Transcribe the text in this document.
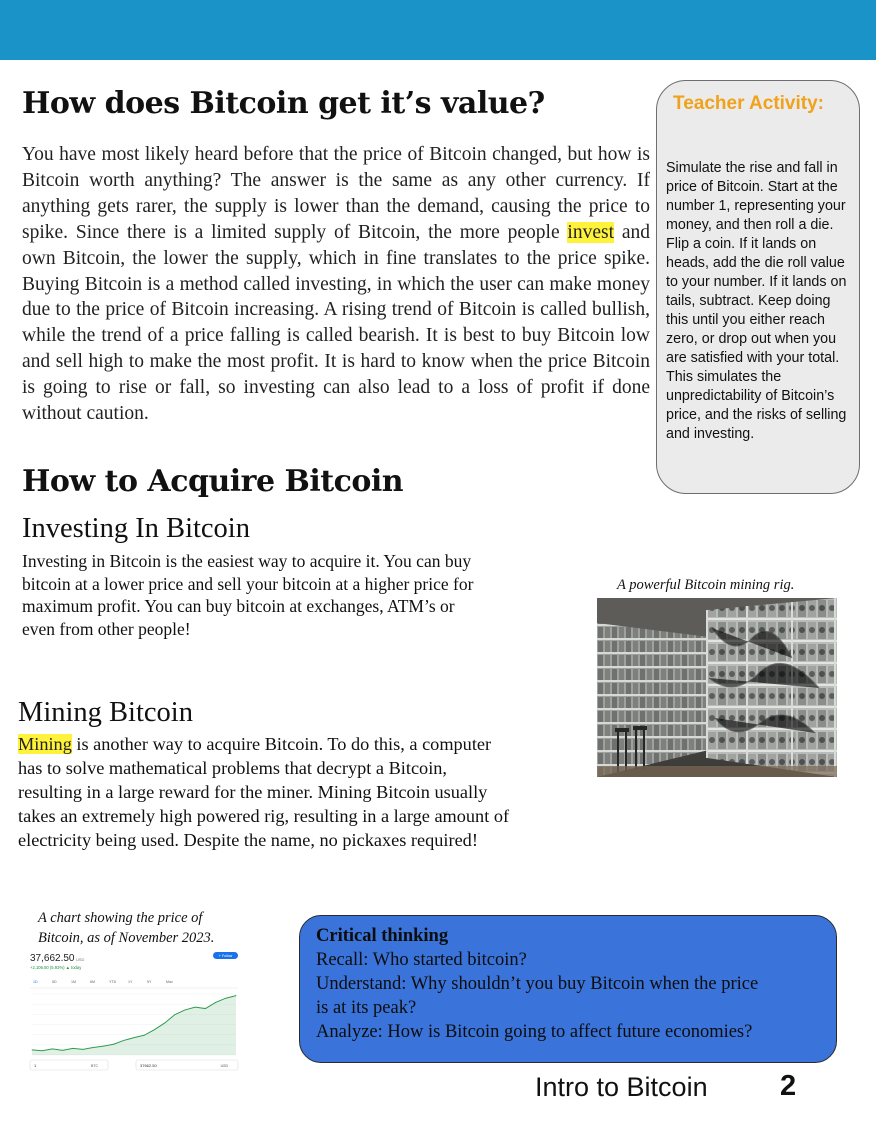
How does Bitcoin get it’s value?

You have most likely heard before that the price of Bitcoin changed, but how is Bitcoin worth anything? The answer is the same as any other currency. If anything gets rarer, the supply is lower than the demand, causing the price to spike. Since there is a limited supply of Bitcoin, the more people invest and own Bitcoin, the lower the supply, which in fine translates to the price spike. Buying Bitcoin is a method called investing, in which the user can make money due to the price of Bitcoin increasing. A rising trend of Bitcoin is called bullish, while the trend of a price falling is called bearish. It is best to buy Bitcoin low and sell high to make the most profit. It is hard to know when the price Bitcoin is going to rise or fall, so investing can also lead to a loss of profit if done without caution.

Teacher Activity:

Simulate the rise and fall in price of Bitcoin. Start at the number 1, representing your money, and then roll a die. Flip a coin. If it lands on heads, add the die roll value to your number. If it lands on tails, subtract. Keep doing this until you either reach zero, or drop out when you are satisfied with your total. This simulates the unpredictability of Bitcoin’s price, and the risks of selling and investing.

How to Acquire Bitcoin
Investing In Bitcoin
Investing in Bitcoin is the easiest way to acquire it. You can buy
bitcoin at a lower price and sell your bitcoin at a higher price for
maximum profit. You can buy bitcoin at exchanges, ATM’s or
even from other people!

A powerful Bitcoin mining rig.

Mining Bitcoin
Mining is another way to acquire Bitcoin. To do this, a computer
has to solve mathematical problems that decrypt a Bitcoin,
resulting in a large reward for the miner. Mining Bitcoin usually
takes an extremely high powered rig, resulting in a large amount of
electricity being used. Despite the name, no pickaxes required!
A chart showing the price of
Bitcoin, as of November 2023.
37,662.50 USD
+ Follow
+2,106.50 (5.93%) ▲ today
1D	5D	1M	6M	YTD	1Y	5Y	Max
1	BTC	37662.50	USD

Critical thinking

Recall: Who started bitcoin?

Understand: Why shouldn’t you buy Bitcoin when the price

is at its peak?

Analyze: How is Bitcoin going to affect future economies?

Intro to Bitcoin 2
